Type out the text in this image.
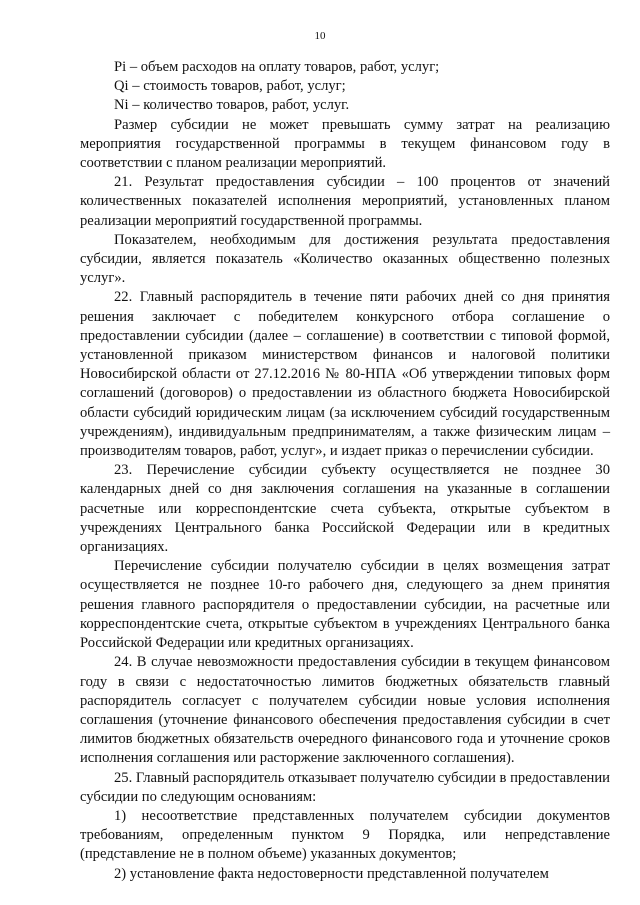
10

Pi – объем расходов на оплату товаров, работ, услуг;

Qi – стоимость товаров, работ, услуг;

Ni – количество товаров, работ, услуг.

Размер субсидии не может превышать сумму затрат на реализацию мероприятия государственной программы в текущем финансовом году в соответствии с планом реализации мероприятий.

21. Результат предоставления субсидии – 100 процентов от значений количественных показателей исполнения мероприятий, установленных планом реализации мероприятий государственной программы.

Показателем, необходимым для достижения результата предоставления субсидии, является показатель «Количество оказанных общественно полезных услуг».

22. Главный распорядитель в течение пяти рабочих дней со дня принятия решения заключает с победителем конкурсного отбора соглашение о предоставлении субсидии (далее – соглашение) в соответствии с типовой формой, установленной приказом министерством финансов и налоговой политики Новосибирской области от 27.12.2016 № 80-НПА «Об утверждении типовых форм соглашений (договоров) о предоставлении из областного бюджета Новосибирской области субсидий юридическим лицам (за исключением субсидий государственным учреждениям), индивидуальным предпринимателям, а также физическим лицам – производителям товаров, работ, услуг», и издает приказ о перечислении субсидии.

23. Перечисление субсидии субъекту осуществляется не позднее 30 календарных дней со дня заключения соглашения на указанные в соглашении расчетные или корреспондентские счета субъекта, открытые субъектом в учреждениях Центрального банка Российской Федерации или в кредитных организациях.

Перечисление субсидии получателю субсидии в целях возмещения затрат осуществляется не позднее 10-го рабочего дня, следующего за днем принятия решения главного распорядителя о предоставлении субсидии, на расчетные или корреспондентские счета, открытые субъектом в учреждениях Центрального банка Российской Федерации или кредитных организациях.

24. В случае невозможности предоставления субсидии в текущем финансовом году в связи с недостаточностью лимитов бюджетных обязательств главный распорядитель согласует с получателем субсидии новые условия исполнения соглашения (уточнение финансового обеспечения предоставления субсидии в счет лимитов бюджетных обязательств очередного финансового года и уточнение сроков исполнения соглашения или расторжение заключенного соглашения).

25. Главный распорядитель отказывает получателю субсидии в предоставлении субсидии по следующим основаниям:

1) несоответствие представленных получателем субсидии документов требованиям, определенным пунктом 9 Порядка, или непредставление (представление не в полном объеме) указанных документов;

2) установление факта недостоверности представленной получателем
